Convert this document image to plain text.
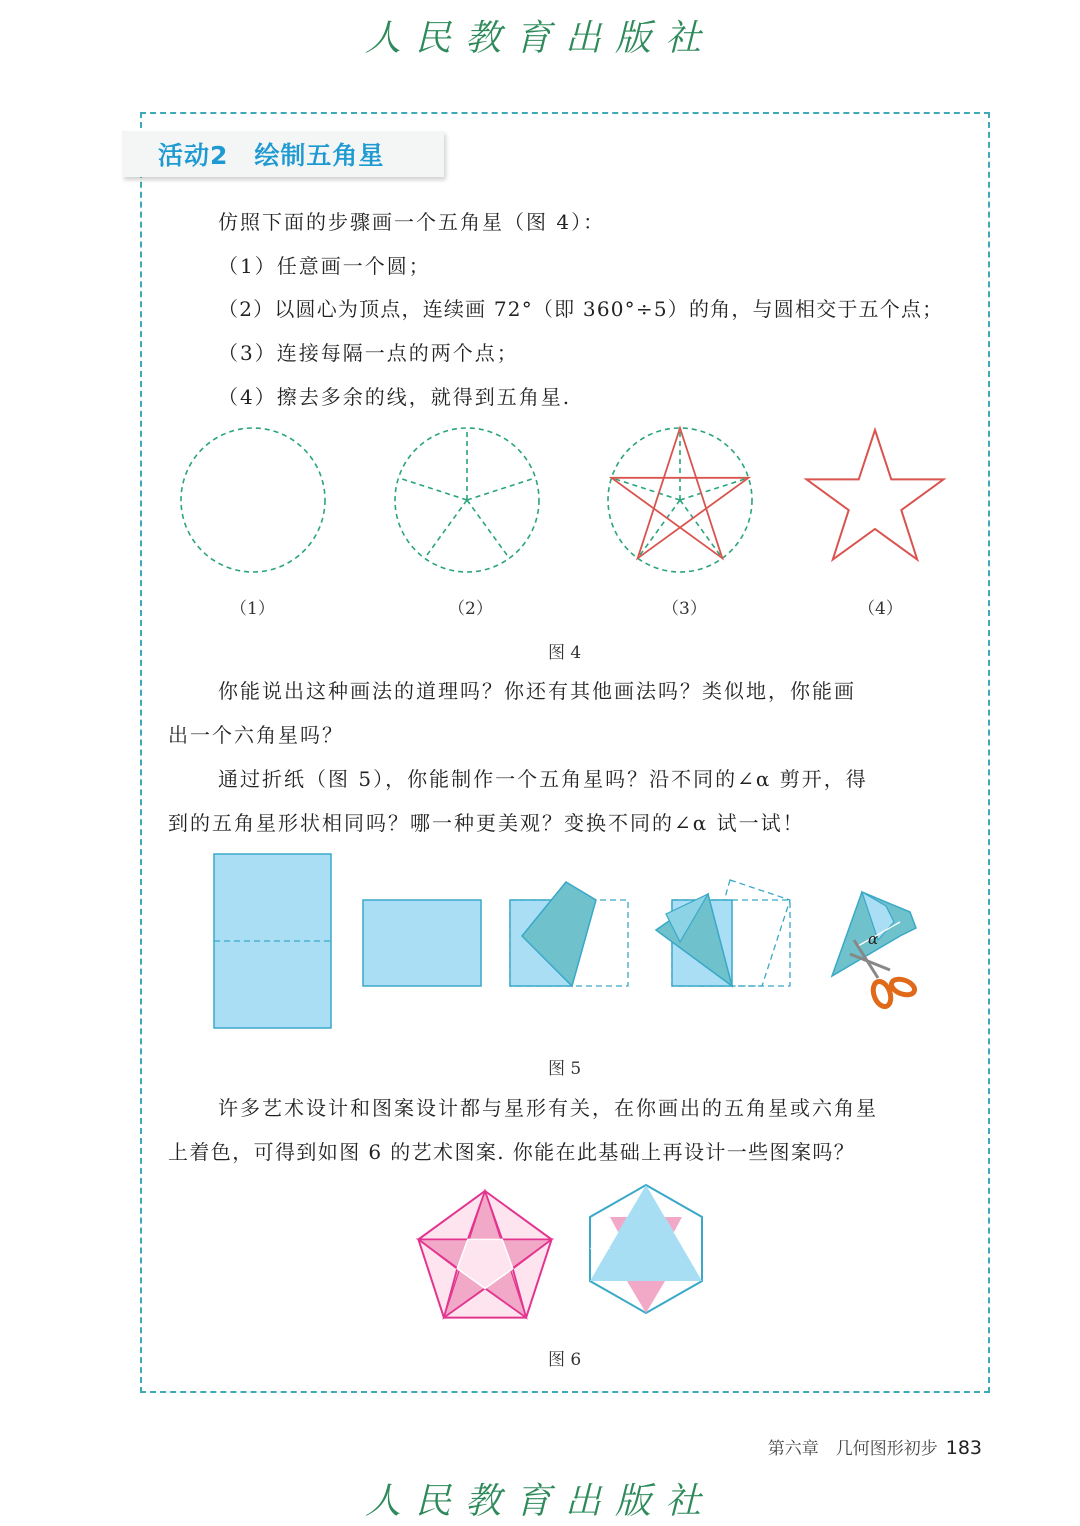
人民教育出版社
活动2　绘制五角星
仿照下面的步骤画一个五角星（图 4）：
（1）任意画一个圆；
（2）以圆心为顶点，连续画 72°（即 360°÷5）的角，与圆相交于五个点；
（3）连接每隔一点的两个点；
（4）擦去多余的线，就得到五角星.
（1）	（2）	（3）	（4）
图 4
你能说出这种画法的道理吗？你还有其他画法吗？类似地，你能画
出一个六角星吗？
通过折纸（图 5），你能制作一个五角星吗？沿不同的∠α 剪开，得
到的五角星形状相同吗？哪一种更美观？变换不同的∠α 试一试！
α
图 5
许多艺术设计和图案设计都与星形有关，在你画出的五角星或六角星
上着色，可得到如图 6 的艺术图案. 你能在此基础上再设计一些图案吗？
图 6
第六章　几何图形初步 183
人民教育出版社
